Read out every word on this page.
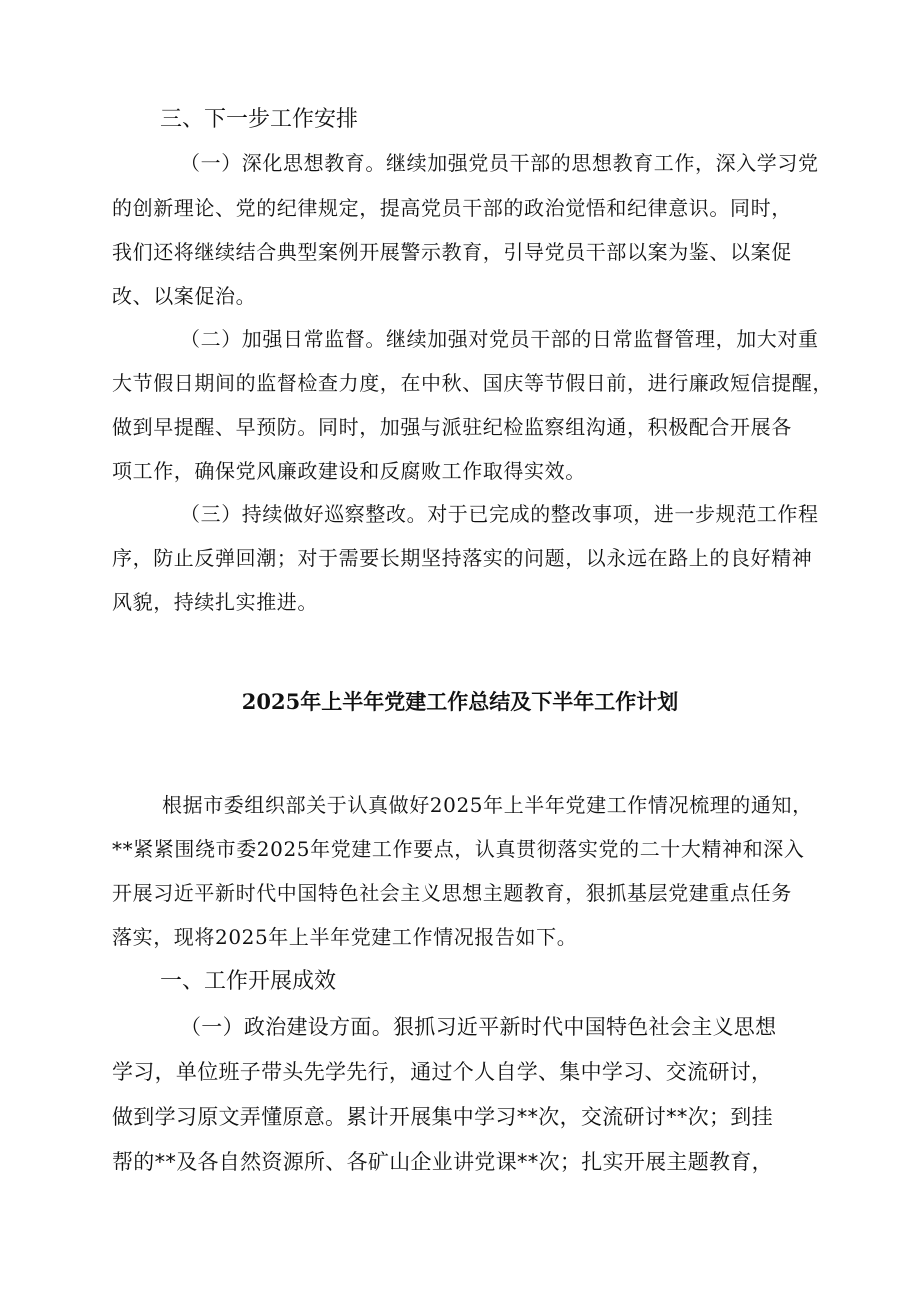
三、下一步工作安排
（一）深化思想教育。继续加强党员干部的思想教育工作，深入学习党
的创新理论、党的纪律规定，提高党员干部的政治觉悟和纪律意识。同时，
我们还将继续结合典型案例开展警示教育，引导党员干部以案为鉴、以案促
改、以案促治。
（二）加强日常监督。继续加强对党员干部的日常监督管理，加大对重
大节假日期间的监督检查力度，在中秋、国庆等节假日前，进行廉政短信提醒，
做到早提醒、早预防。同时，加强与派驻纪检监察组沟通，积极配合开展各
项工作，确保党风廉政建设和反腐败工作取得实效。
（三）持续做好巡察整改。对于已完成的整改事项，进一步规范工作程
序，防止反弹回潮；对于需要长期坚持落实的问题，以永远在路上的良好精神
风貌，持续扎实推进。
2025年上半年党建工作总结及下半年工作计划
根据市委组织部关于认真做好2025年上半年党建工作情况梳理的通知，
**紧紧围绕市委2025年党建工作要点，认真贯彻落实党的二十大精神和深入
开展习近平新时代中国特色社会主义思想主题教育，狠抓基层党建重点任务
落实，现将2025年上半年党建工作情况报告如下。
一、工作开展成效
（一）政治建设方面。狠抓习近平新时代中国特色社会主义思想
学习，单位班子带头先学先行，通过个人自学、集中学习、交流研讨，
做到学习原文弄懂原意。累计开展集中学习**次，交流研讨**次；到挂
帮的**及各自然资源所、各矿山企业讲党课**次；扎实开展主题教育，
